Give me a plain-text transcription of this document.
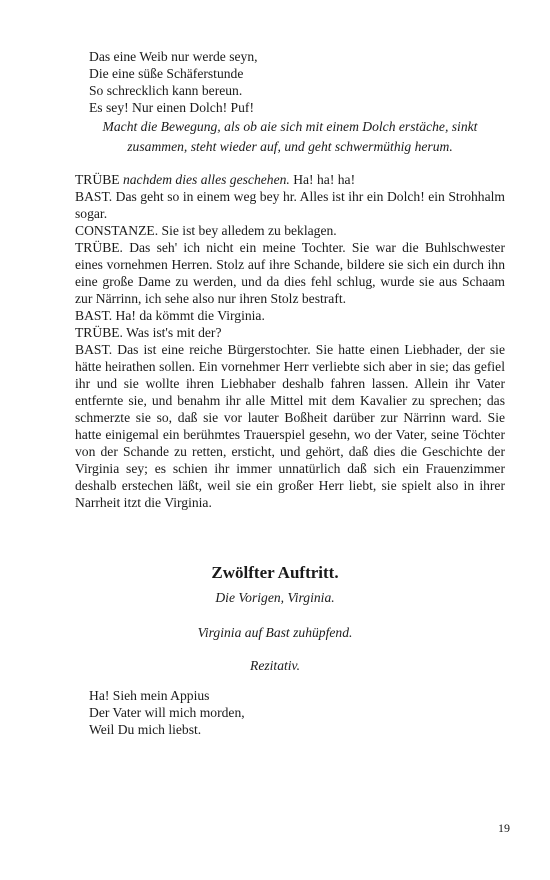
Das eine Weib nur werde seyn,
Die eine süße Schäferstunde
So schrecklich kann bereun.
Es sey! Nur einen Dolch! Puf!
Macht die Bewegung, als ob aie sich mit einem Dolch erstäche, sinkt
zusammen, steht wieder auf, und geht schwermüthig herum.
TRÜBE nachdem dies alles geschehen. Ha! ha! ha!
BAST. Das geht so in einem weg bey hr. Alles ist ihr ein Dolch! ein Strohhalm sogar.
CONSTANZE. Sie ist bey alledem zu beklagen.
TRÜBE. Das seh' ich nicht ein meine Tochter. Sie war die Buhlschwester eines vornehmen Herren. Stolz auf ihre Schande, bildere sie sich ein durch ihn eine große Dame zu werden, und da dies fehl schlug, wurde sie aus Schaam zur Närrinn, ich sehe also nur ihren Stolz bestraft.
BAST. Ha! da kömmt die Virginia.
TRÜBE. Was ist's mit der?
BAST. Das ist eine reiche Bürgerstochter. Sie hatte einen Liebhader, der sie hätte heirathen sollen. Ein vornehmer Herr verliebte sich aber in sie; das gefiel ihr und sie wollte ihren Liebhaber deshalb fahren lassen. Allein ihr Vater entfernte sie, und benahm ihr alle Mittel mit dem Kavalier zu sprechen; das schmerzte sie so, daß sie vor lauter Boßheit darüber zur Närrinn ward. Sie hatte einigemal ein berühmtes Trauerspiel gesehn, wo der Vater, seine Töchter von der Schande zu retten, ersticht, und gehört, daß dies die Geschichte der Virginia sey; es schien ihr immer unnatürlich daß sich ein Frauenzimmer deshalb erstechen läßt, weil sie ein großer Herr liebt, sie spielt also in ihrer Narrheit itzt die Virginia.
Zwölfter Auftritt.
Die Vorigen, Virginia.
Virginia auf Bast zuhüpfend.
Rezitativ.
Ha! Sieh mein Appius
Der Vater will mich morden,
Weil Du mich liebst.
19
